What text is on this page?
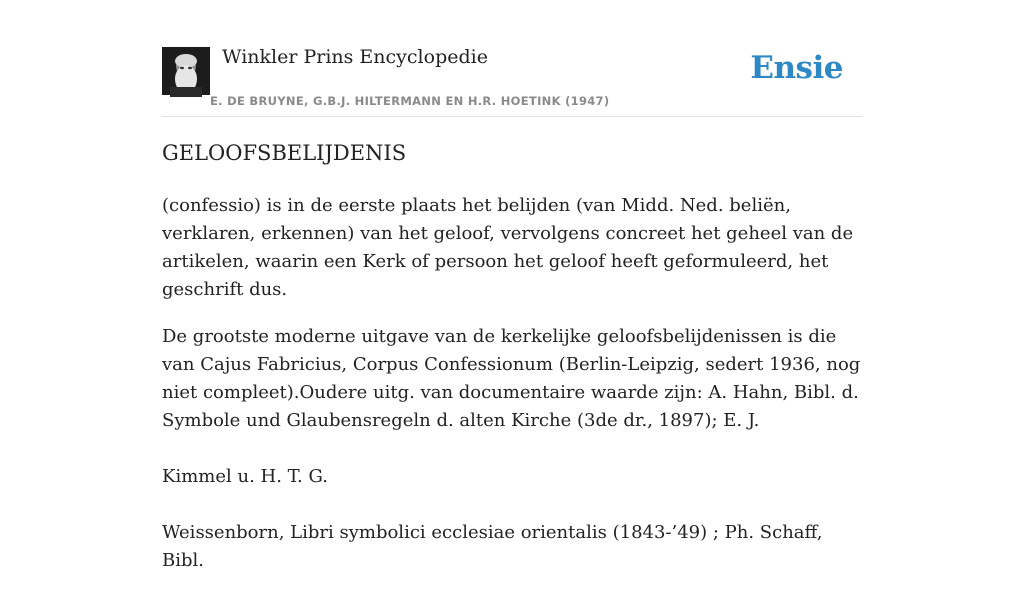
Winkler Prins Encyclopedie
E. DE BRUYNE, G.B.J. HILTERMANN EN H.R. HOETINK (1947)
Ensie
GELOOFSBELIJDENIS

(confessio) is in de eerste plaats het belijden (van Midd. Ned. beliën, verklaren, erkennen) van het geloof, vervolgens concreet het geheel van de artikelen, waarin een Kerk of persoon het geloof heeft geformuleerd, het geschrift dus.

De grootste moderne uitgave van de kerkelijke geloofsbelijdenissen is die van Cajus Fabricius, Corpus Confessionum (Berlin-Leipzig, sedert 1936, nog niet compleet).Oudere uitg. van documentaire waarde zijn: A. Hahn, Bibl. d. Symbole und Glaubensregeln d. alten Kirche (3de dr., 1897); E. J.

Kimmel u. H. T. G.

Weissenborn, Libri symbolici ecclesiae orientalis (1843-’49) ; Ph. Schaff, Bibl.
